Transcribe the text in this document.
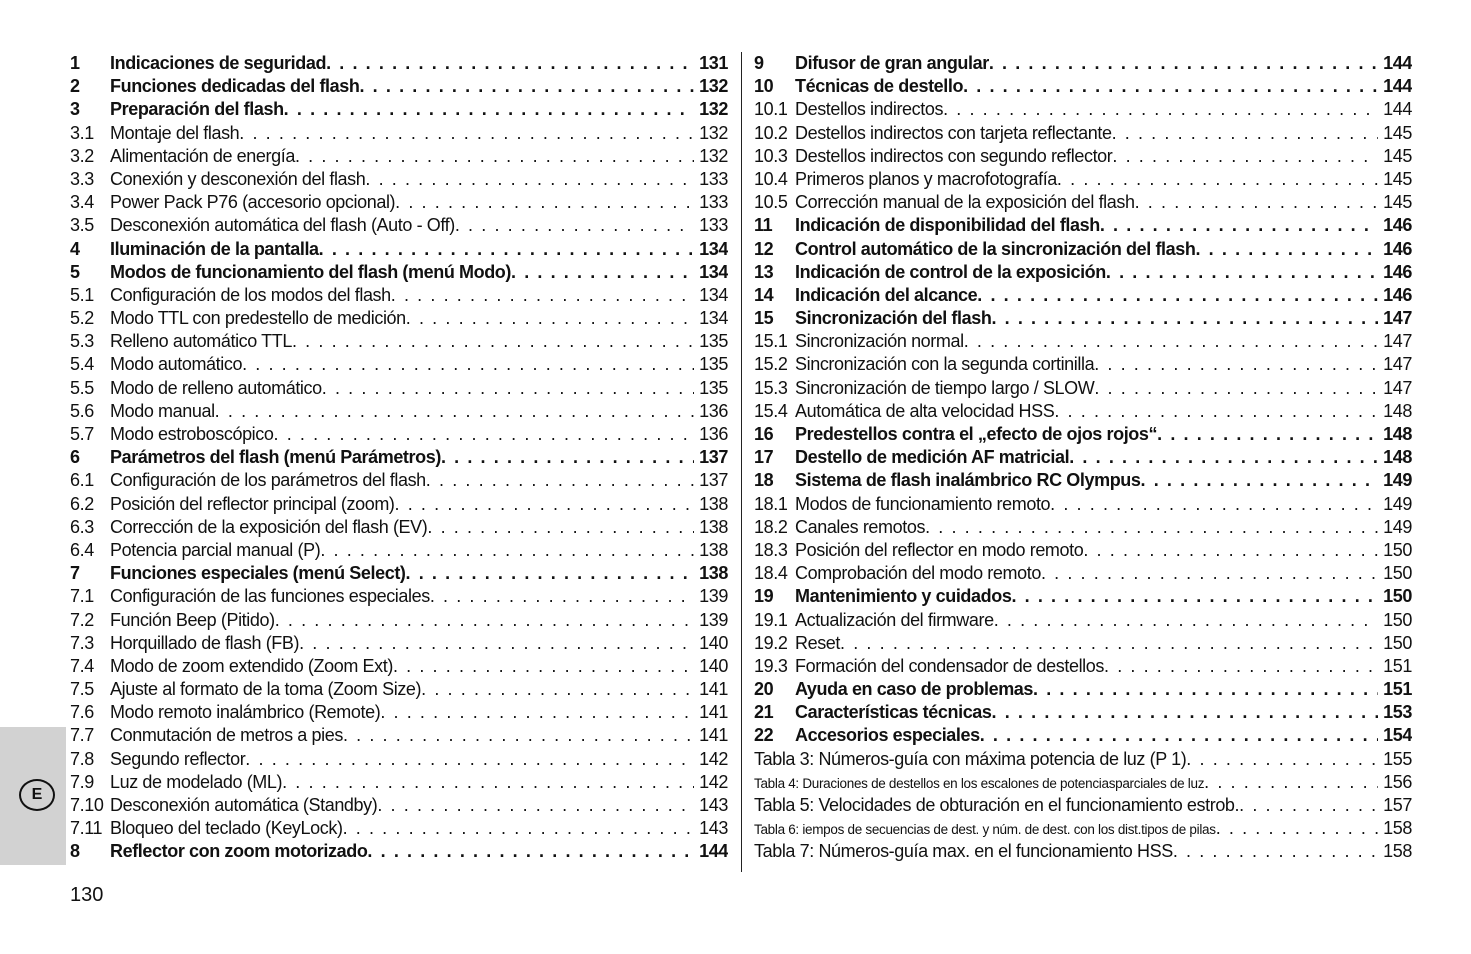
1	Indicaciones de seguridad . . .	131
2	Funciones dedicadas del flash . . .	132
3	Preparación del flash . . .	132
3.1 Montaje del flash . . .	132
3.2 Alimentación de energía . . .	132
3.3 Conexión y desconexión del flash . . .	133
3.4 Power Pack P76 (accesorio opcional) . . .	133
3.5 Desconexión automática del flash (Auto - Off) . . .	133
4	Iluminación de la pantalla . . .	134
5	Modos de funcionamiento del flash (menú Modo) . . .	134
5.1 Configuración de los modos del flash . . .	134
5.2 Modo TTL con predestello de medición . . .	134
5.3 Relleno automático TTL . . .	135
5.4 Modo automático . . .	135
5.5 Modo de relleno automático . . .	135
5.6 Modo manual . . .	136
5.7 Modo estroboscópico . . .	136
6	Parámetros del flash (menú Parámetros) . . .	137
6.1 Configuración de los parámetros del flash . . .	137
6.2 Posición del reflector principal (zoom) . . .	138
6.3 Corrección de la exposición del flash (EV) . . .	138
6.4 Potencia parcial manual (P) . . .	138
7	Funciones especiales (menú Select) . . .	138
7.1 Configuración de las funciones especiales . . .	139
7.2 Función Beep (Pitido) . . .	139
7.3 Horquillado de flash (FB) . . .	140
7.4 Modo de zoom extendido (Zoom Ext) . . .	140
7.5 Ajuste al formato de la toma (Zoom Size) . . .	141
7.6 Modo remoto inalámbrico (Remote) . . .	141
7.7 Conmutación de metros a pies . . .	141
7.8 Segundo reflector . . .	142
7.9 Luz de modelado (ML) . . .	142
7.10 Desconexión automática (Standby) . . .	143
7.11 Bloqueo del teclado (KeyLock) . . .	143
8	Reflector con zoom motorizado . . .	144
9	Difusor de gran angular . . .	144
10	Técnicas de destello . . .	144
10.1 Destellos indirectos . . .	144
10.2 Destellos indirectos con tarjeta reflectante . . .	145
10.3 Destellos indirectos con segundo reflector . . .	145
10.4 Primeros planos y macrofotografía . . .	145
10.5 Corrección manual de la exposición del flash . . .	145
11	Indicación de disponibilidad del flash . . .	146
12	Control automático de la sincronización del flash . . .	146
13	Indicación de control de la exposición . . .	146
14	Indicación del alcance . . .	146
15	Sincronización del flash . . .	147
15.1 Sincronización normal . . .	147
15.2 Sincronización con la segunda cortinilla . . .	147
15.3 Sincronización de tiempo largo / SLOW . . .	147
15.4 Automática de alta velocidad HSS . . .	148
16	Predestellos contra el „efecto de ojos rojos“ . . .	148
17	Destello de medición AF matricial . . .	148
18	Sistema de flash inalámbrico RC Olympus . . .	149
18.1 Modos de funcionamiento remoto . . .	149
18.2 Canales remotos . . .	149
18.3 Posición del reflector en modo remoto . . .	150
18.4 Comprobación del modo remoto . . .	150
19	Mantenimiento y cuidados . . .	150
19.1 Actualización del firmware . . .	150
19.2 Reset . . .	150
19.3 Formación del condensador de destellos . . .	151
20	Ayuda en caso de problemas . . .	151
21	Características técnicas . . .	153
22	Accesorios especiales . . .	154
Tabla 3: Números-guía con máxima potencia de luz (P 1) . . .	155
Tabla 4: Duraciones de destellos en los escalones de potenciasparciales de luz . . .	156
Tabla 5: Velocidades de obturación en el funcionamiento estrob. . . .	157
Tabla 6: iempos de secuencias de dest. y núm. de dest. con los dist.tipos de pilas . . .	158
Tabla 7: Números-guía max. en el funcionamiento HSS . . .	158
E
130
